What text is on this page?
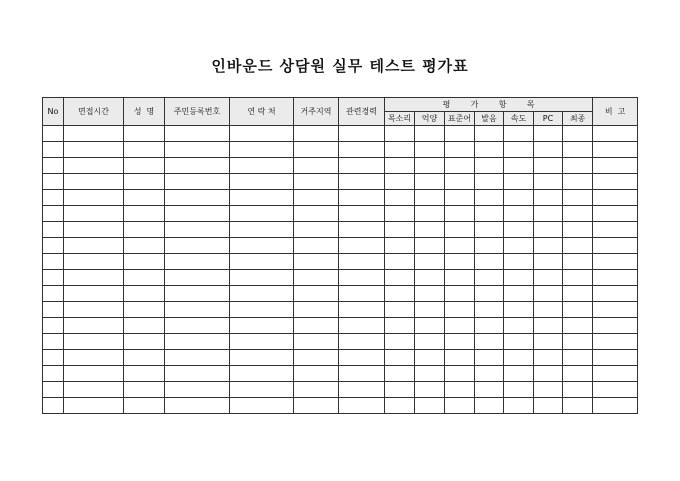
인바운드 상담원 실무 테스트 평가표
No	면접시간	성  명	주민등록번호	연 락 처	거주지역	관련경력	평        가        항        목							비  고
							목소리	억양	표준어	발음	속도	PC	최종	
